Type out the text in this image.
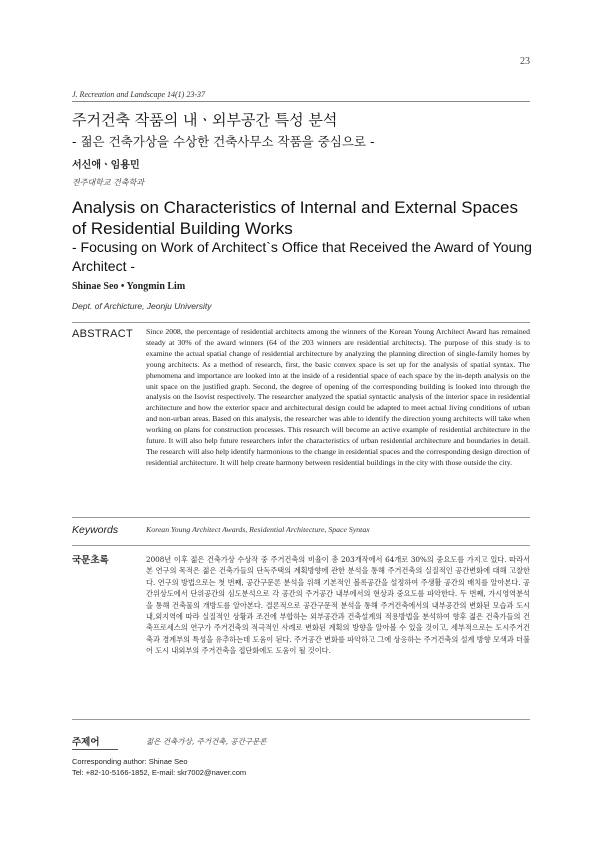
23
J. Recreation and Landscape 14(1) 23-37
주거건축 작품의 내ㆍ외부공간 특성 분석
- 젊은 건축가상을 수상한 건축사무소 작품을 중심으로 -
서신애ㆍ임용민
전주대학교 건축학과
Analysis on Characteristics of Internal and External Spaces of Residential Building Works
- Focusing on Work of Architect`s Office that Received the Award of Young Architect -
Shinae Seo • Yongmin Lim
Dept. of Archicture, Jeonju University
ABSTRACT Since 2008, the percentage of residential architects among the winners of the Korean Young Architect Award has remained steady at 30% of the award winners (64 of the 203 winners are residential architects). The purpose of this study is to examine the actual spatial change of residential architecture by analyzing the planning direction of single-family homes by young architects. As a method of research, first, the basic convex space is set up for the analysis of spatial syntax. The phenomena and importance are looked into at the inside of a residential space of each space by the in-depth analysis on the unit space on the justified graph. Second, the degree of opening of the corresponding building is looked into through the analysis on the Isovist respectively. The researcher analyzed the spatial syntactic analysis of the interior space in residential architecture and how the exterior space and architectural design could be adapted to meet actual living conditions of urban and non-urban areas. Based on this analysis, the researcher was able to identify the direction young architects will take when working on plans for construction processes. This research will become an active example of residential architecture in the future. It will also help future researchers infer the characteristics of urban residential architecture and boundaries in detail. The research will also help identify harmonious to the change in residential spaces and the corresponding design direction of residential architecture. It will help create harmony between residential buildings in the city with those outside the city.
Keywords	Korean Young Architect Awards, Residential Architecture, Space Syntax
국문초록	2008년 이후 젊은 건축가상 수상작 중 주거건축의 비율이 총 203개작에서 64개로 30%의 중요도를 가지고 있다. 따라서 본 연구의 목적은 젊은 건축가들의 단독주택의 계획방향에 관한 분석을 통해 주거건축의 실질적인 공간변화에 대해 고찰한다. 연구의 방법으로는 첫 번째, 공간구문론 분석을 위해 기본적인 볼록공간을 설정하여 주생활 공간의 배치를 알아본다. 공간위상도에서 단위공간의 심도분석으로 각 공간의 주거공간 내부에서의 현상과 중요도를 파악한다. 두 번째, 가시영역분석을 통해 건축물의 개방도를 알아본다. 결론적으로 공간구문적 분석을 통해 주거건축에서의 내부공간의 변화된 모습과 도시내,외지역에 따라 실질적인 상황과 조건에 부합하는 외부공간과 건축설계의 적용방법을 분석하여 향후 젊은 건축가들의 건축프로세스의 연구가 주거건축의 적극적인 사례로 변화된 계획의 방향을 알아볼 수 있을 것이고, 세부적으로는 도시주거건축과 경계부의 특성을 유추하는데 도움이 된다. 주거공간 변화를 파악하고 그에 상응하는 주거건축의 설계 방향 모색과 더불어 도시 내외부의 주거건축을 접단화에도 도움이 될 것이다.
주제어	젊은 건축가상, 주거건축, 공간구문론
Corresponding author: Shinae Seo
Tel: +82-10-5166-1852, E-mail: skr7002@naver.com
